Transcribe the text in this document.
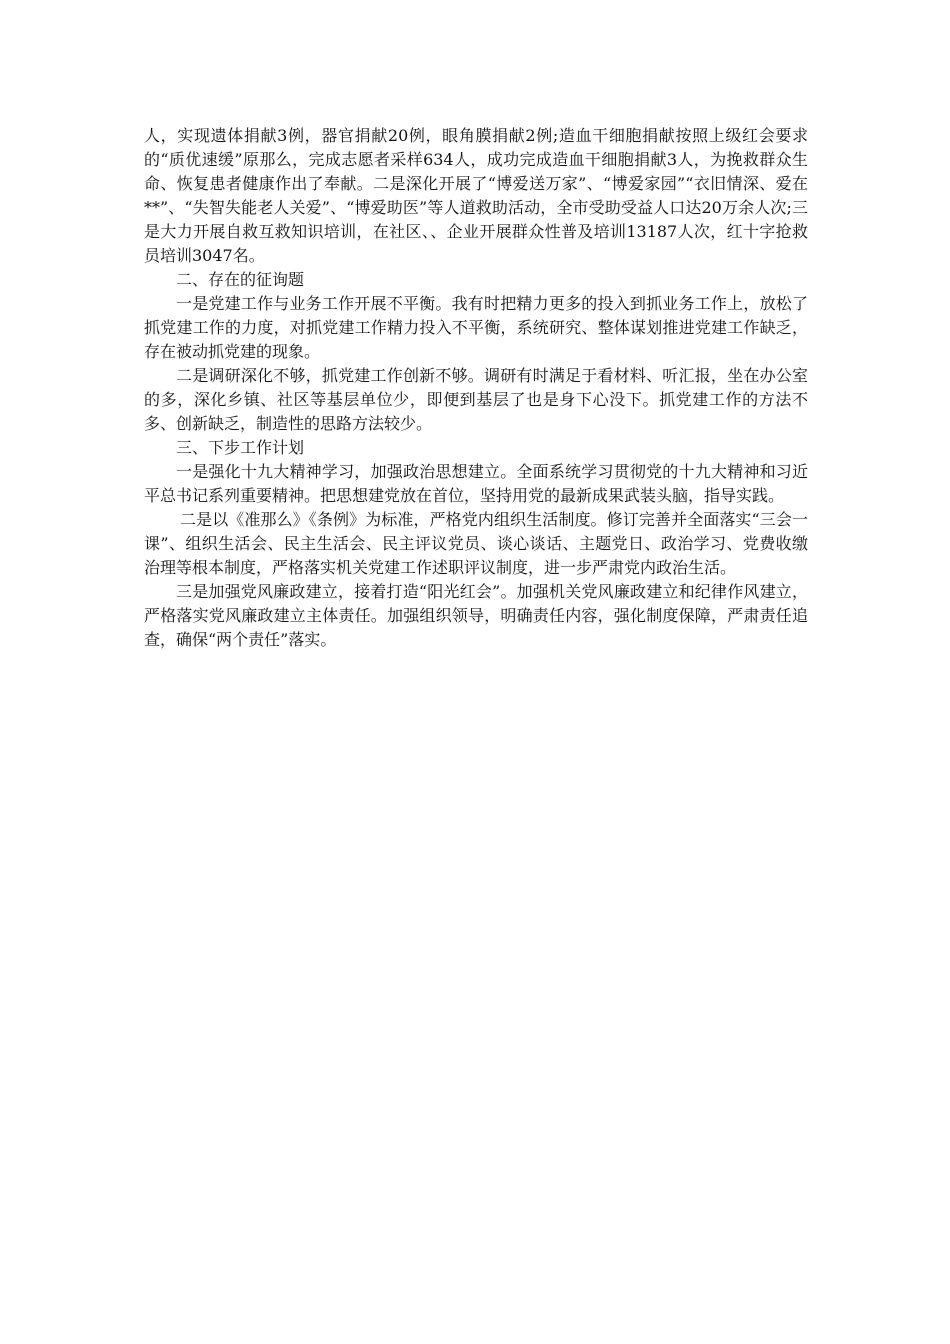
人，实现遗体捐献3例，器官捐献20例，眼角膜捐献2例;造血干细胞捐献按照上级红会要求的“质优速缓”原那么，完成志愿者采样634人，成功完成造血干细胞捐献3人，为挽救群众生命、恢复患者健康作出了奉献。二是深化开展了“博爱送万家”、“博爱家园”“衣旧情深、爱在**”、“失智失能老人关爱”、“博爱助医”等人道救助活动，全市受助受益人口达20万余人次;三是大力开展自救互救知识培训，在社区、、企业开展群众性普及培训13187人次，红十字抢救员培训3047名。

二、存在的征询题

一是党建工作与业务工作开展不平衡。我有时把精力更多的投入到抓业务工作上，放松了抓党建工作的力度，对抓党建工作精力投入不平衡，系统研究、整体谋划推进党建工作缺乏，存在被动抓党建的现象。

二是调研深化不够，抓党建工作创新不够。调研有时满足于看材料、听汇报，坐在办公室的多，深化乡镇、社区等基层单位少，即便到基层了也是身下心没下。抓党建工作的方法不多、创新缺乏，制造性的思路方法较少。

三、下步工作计划

一是强化十九大精神学习，加强政治思想建立。全面系统学习贯彻党的十九大精神和习近平总书记系列重要精神。把思想建党放在首位，坚持用党的最新成果武装头脑，指导实践。

二是以《准那么》《条例》为标准，严格党内组织生活制度。修订完善并全面落实“三会一课”、组织生活会、民主生活会、民主评议党员、谈心谈话、主题党日、政治学习、党费收缴治理等根本制度，严格落实机关党建工作述职评议制度，进一步严肃党内政治生活。

三是加强党风廉政建立，接着打造“阳光红会”。加强机关党风廉政建立和纪律作风建立，严格落实党风廉政建立主体责任。加强组织领导，明确责任内容，强化制度保障，严肃责任追查，确保“两个责任”落实。
